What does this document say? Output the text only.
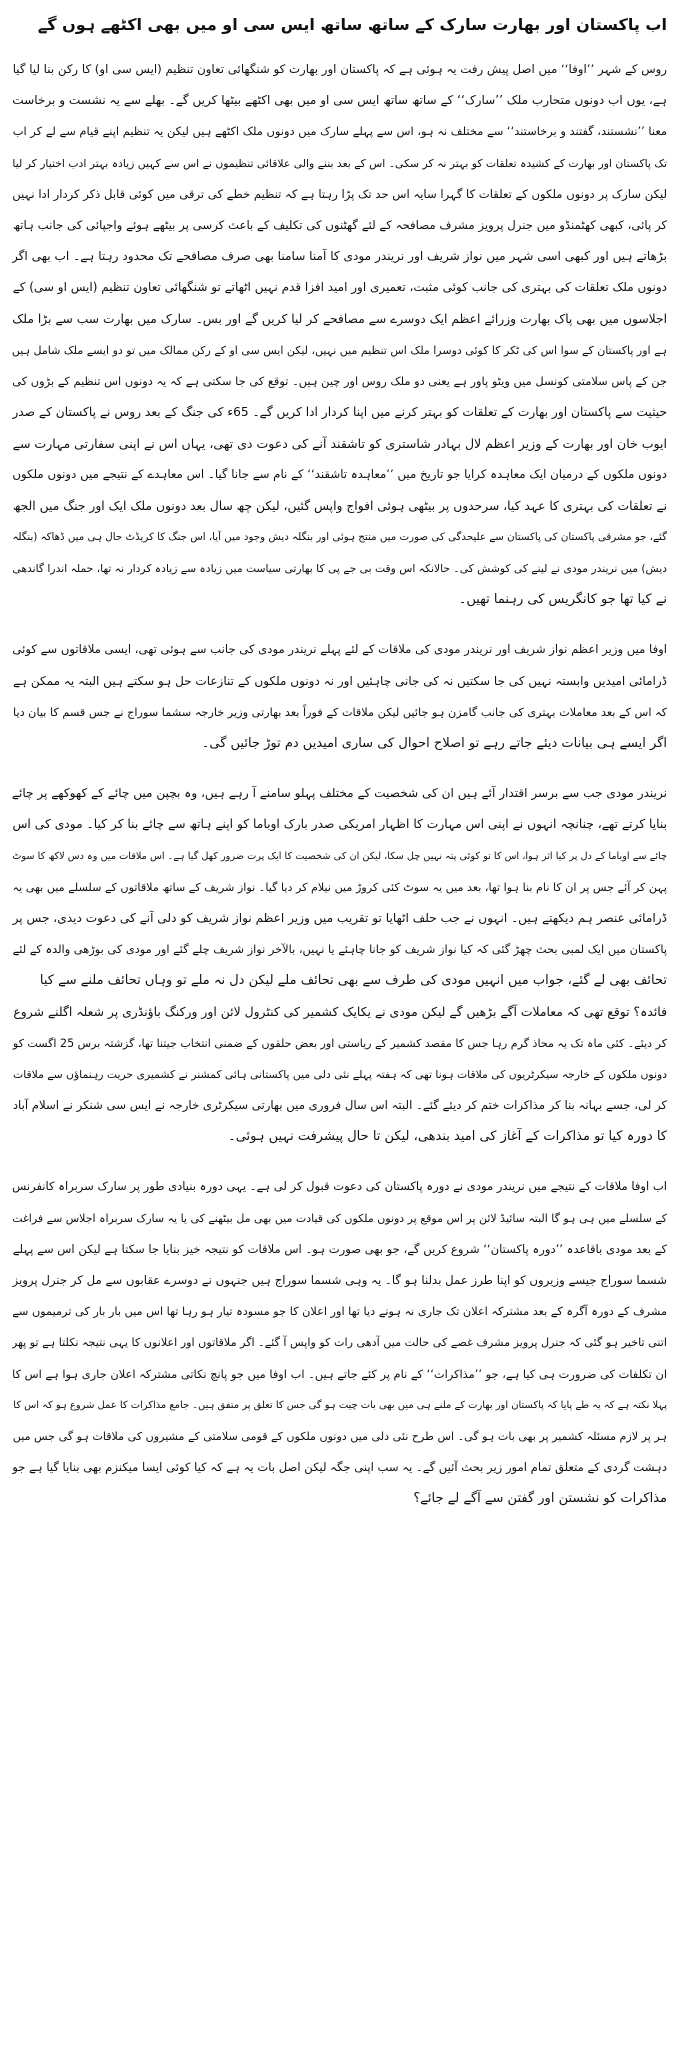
اب پاکستان اور بھارت سارک کے ساتھ ساتھ ایس سی او میں بھی اکٹھے ہوں گے
روس کے شہر ’’اوفا‘‘ میں اصل پیش رفت یہ ہوئی ہے کہ پاکستان اور بھارت کو شنگھائی تعاون تنظیم (ایس سی او) کا رکن بنا لیا گیا
ہے، یوں اب دونوں متحارب ملک ’’سارک‘‘ کے ساتھ ساتھ ایس سی او میں بھی اکٹھے بیٹھا کریں گے۔ بھلے سے یہ نشست و برخاست
معنا ’’نشستند، گفتند و برخاستند‘‘ سے مختلف نہ ہو، اس سے پہلے سارک میں دونوں ملک اکٹھے ہیں لیکن یہ تنظیم اپنے قیام سے لے کر اب
تک پاکستان اور بھارت کے کشیدہ تعلقات کو بہتر نہ کر سکی۔ اس کے بعد بننے والی علاقائی تنظیموں نے اس سے کہیں زیادہ بہتر ادب اختیار کر لیا
لیکن سارک پر دونوں ملکوں کے تعلقات کا گہرا سایہ اس حد تک پڑا رہتا ہے کہ تنظیم خطے کی ترقی میں کوئی قابل ذکر کردار ادا نہیں
کر پائی، کبھی کھٹمنڈو میں جنرل پرویز مشرف مصافحہ کے لئے گھٹنوں کی تکلیف کے باعث کرسی پر بیٹھے ہوئے واجپائی کی جانب ہاتھ
بڑھاتے ہیں اور کبھی اسی شہر میں نواز شریف اور نریندر مودی کا آمنا سامنا بھی صرف مصافحے تک محدود رہتا ہے۔ اب بھی اگر
دونوں ملک تعلقات کی بہتری کی جانب کوئی مثبت، تعمیری اور امید افزا قدم نہیں اٹھاتے تو شنگھائی تعاون تنظیم (ایس او سی) کے
اجلاسوں میں بھی پاک بھارت وزرائے اعظم ایک دوسرے سے مصافحے کر لیا کریں گے اور بس۔ سارک میں بھارت سب سے بڑا ملک
ہے اور پاکستان کے سوا اس کی ٹکر کا کوئی دوسرا ملک اس تنظیم میں نہیں، لیکن ایس سی او کے رکن ممالک میں تو دو ایسے ملک شامل ہیں
جن کے پاس سلامتی کونسل میں ویٹو پاور ہے یعنی دو ملک روس اور چین ہیں۔ توقع کی جا سکتی ہے کہ یہ دونوں اس تنظیم کے بڑوں کی
حیثیت سے پاکستان اور بھارت کے تعلقات کو بہتر کرنے میں اپنا کردار ادا کریں گے۔ 65ء کی جنگ کے بعد روس نے پاکستان کے صدر
ایوب خان اور بھارت کے وزیر اعظم لال بہادر شاستری کو تاشقند آنے کی دعوت دی تھی، یہاں اس نے اپنی سفارتی مہارت سے
دونوں ملکوں کے درمیان ایک معاہدہ کرایا جو تاریخ میں ’’معاہدہ تاشقند‘‘ کے نام سے جانا گیا۔ اس معاہدے کے نتیجے میں دونوں ملکوں
نے تعلقات کی بہتری کا عہد کیا، سرحدوں پر بیٹھی ہوئی افواج واپس گئیں، لیکن چھ سال بعد دونوں ملک ایک اور جنگ میں الجھ
گئے، جو مشرقی پاکستان کی پاکستان سے علیحدگی کی صورت میں منتج ہوئی اور بنگلہ دیش وجود میں آیا، اس جنگ کا کریڈٹ حال ہی میں ڈھاکہ (بنگلہ
دیش) میں نریندر مودی نے لینے کی کوشش کی۔ حالانکہ اس وقت بی جے پی کا بھارتی سیاست میں زیادہ سے زیادہ کردار نہ تھا، حملہ اندرا گاندھی
نے کیا تھا جو کانگریس کی رہنما تھیں۔
اوفا میں وزیر اعظم نواز شریف اور نریندر مودی کی ملاقات کے لئے پہلے نریندر مودی کی جانب سے ہوئی تھی، ایسی ملاقاتوں سے کوئی
ڈرامائی امیدیں وابستہ نہیں کی جا سکتیں نہ کی جانی چاہئیں اور نہ دونوں ملکوں کے تنازعات حل ہو سکتے ہیں البتہ یہ ممکن ہے
کہ اس کے بعد معاملات بہتری کی جانب گامزن ہو جائیں لیکن ملاقات کے فوراً بعد بھارتی وزیر خارجہ سشما سوراج نے جس قسم کا بیان دیا
اگر ایسے ہی بیانات دیئے جاتے رہے تو اصلاح احوال کی ساری امیدیں دم توڑ جائیں گی۔
نریندر مودی جب سے برسر اقتدار آئے ہیں ان کی شخصیت کے مختلف پہلو سامنے آ رہے ہیں، وہ بچپن میں چائے کے کھوکھے پر چائے
بنایا کرتے تھے، چنانچہ انہوں نے اپنی اس مہارت کا اظہار امریکی صدر بارک اوباما کو اپنے ہاتھ سے چائے بنا کر کیا۔ مودی کی اس
چائے سے اوباما کے دل پر کیا اثر ہوا، اس کا تو کوئی پتہ نہیں چل سکا، لیکن ان کی شخصیت کا ایک پرت ضرور کھل گیا ہے۔ اس ملاقات میں وہ دس لاکھ کا سوٹ
پہن کر آئے جس پر ان کا نام بنا ہوا تھا، بعد میں یہ سوٹ کئی کروڑ میں نیلام کر دیا گیا۔ نواز شریف کے ساتھ ملاقاتوں کے سلسلے میں بھی یہ
ڈرامائی عنصر ہم دیکھتے ہیں۔ انہوں نے جب حلف اٹھایا تو تقریب میں وزیر اعظم نواز شریف کو دلی آنے کی دعوت دیدی، جس پر
پاکستان میں ایک لمبی بحث چھڑ گئی کہ کیا نواز شریف کو جانا چاہئے یا نہیں، بالآخر نواز شریف چلے گئے اور مودی کی بوڑھی والدہ کے لئے
تحائف بھی لے گئے، جواب میں انہیں مودی کی طرف سے بھی تحائف ملے لیکن دل نہ ملے تو وہاں تحائف ملنے سے کیا
فائدہ؟ توقع تھی کہ معاملات آگے بڑھیں گے لیکن مودی نے یکایک کشمیر کی کنٹرول لائن اور ورکنگ باؤنڈری پر شعلہ اگلنے شروع
کر دیئے۔ کئی ماہ تک یہ محاذ گرم رہا جس کا مقصد کشمیر کے ریاستی اور بعض حلقوں کے ضمنی انتخاب جیتنا تھا، گزشتہ برس 25 اگست کو
دونوں ملکوں کے خارجہ سیکرٹریوں کی ملاقات ہونا تھی کہ ہفتہ پہلے نئی دلی میں پاکستانی ہائی کمشنر نے کشمیری حریت رہنماؤں سے ملاقات
کر لی، جسے بہانہ بنا کر مذاکرات ختم کر دیئے گئے۔ البتہ اس سال فروری میں بھارتی سیکرٹری خارجہ نے ایس سی شنکر نے اسلام آباد
کا دورہ کیا تو مذاکرات کے آغاز کی امید بندھی، لیکن تا حال پیشرفت نہیں ہوئی۔
اب اوفا ملاقات کے نتیجے میں نریندر مودی نے دورہ پاکستان کی دعوت قبول کر لی ہے۔ یہی دورہ بنیادی طور پر سارک سربراہ کانفرنس
کے سلسلے میں ہی ہو گا البتہ سائیڈ لائن پر اس موقع پر دونوں ملکوں کی قیادت میں بھی مل بیٹھنے کی یا یہ سارک سربراہ اجلاس سے فراغت
کے بعد مودی باقاعدہ ’’دورہ پاکستان‘‘ شروع کریں گے، جو بھی صورت ہو۔ اس ملاقات کو نتیجہ خیز بنایا جا سکتا ہے لیکن اس سے پہلے
شسما سوراج جیسے وزیروں کو اپنا طرز عمل بدلنا ہو گا۔ یہ وہی شسما سوراج ہیں جنہوں نے دوسرے عقابوں سے مل کر جنرل پرویز
مشرف کے دورہ آگرہ کے بعد مشترکہ اعلان تک جاری نہ ہونے دیا تھا اور اعلان کا جو مسودہ تیار ہو رہا تھا اس میں بار بار کی ترمیموں سے
اتنی تاخیر ہو گئی کہ جنرل پرویز مشرف غصے کی حالت میں آدھی رات کو واپس آ گئے۔ اگر ملاقاتوں اور اعلانوں کا یہی نتیجہ نکلتا ہے تو پھر
ان تکلفات کی ضرورت ہی کیا ہے، جو ’’مذاکرات‘‘ کے نام پر کئے جاتے ہیں۔ اب اوفا میں جو پانچ نکاتی مشترکہ اعلان جاری ہوا ہے اس کا
پہلا نکتہ ہے کہ یہ طے پایا کہ پاکستان اور بھارت کے ملنے ہی میں بھی بات چیت ہو گی جس کا تعلق پر متفق ہیں۔ جامع مذاکرات کا عمل شروع ہو کہ اس کا
ہر پر لازم مسئلہ کشمیر پر بھی بات ہو گی۔ اس طرح نئی دلی میں دونوں ملکوں کے قومی سلامتی کے مشیروں کی ملاقات ہو گی جس میں
دہشت گردی کے متعلق تمام امور زیر بحث آئیں گے۔ یہ سب اپنی جگہ لیکن اصل بات یہ ہے کہ کیا کوئی ایسا میکنزم بھی بنایا گیا ہے جو
مذاکرات کو نشستن اور گفتن سے آگے لے جائے؟
